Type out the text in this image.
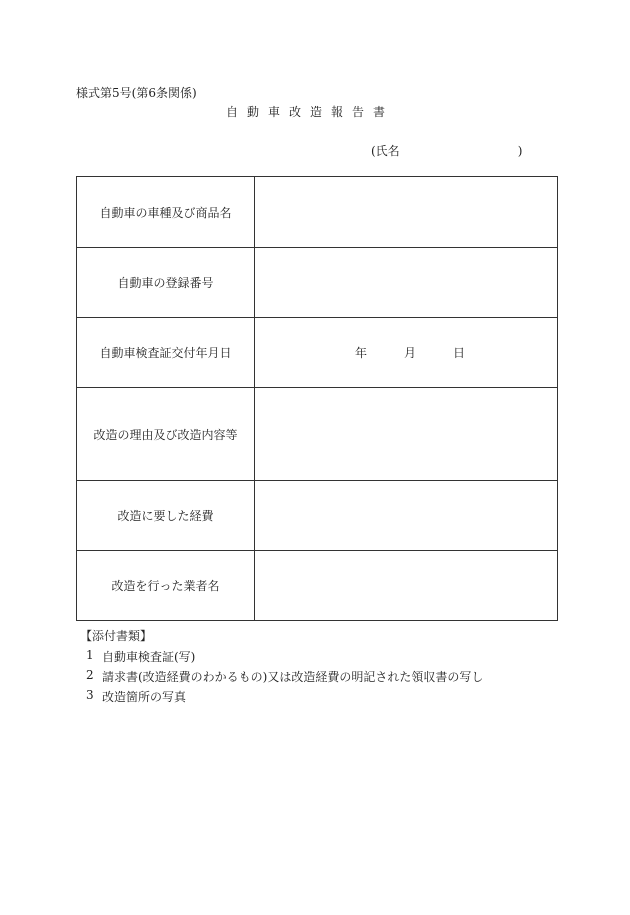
様式第5号(第6条関係)
自動車改造報告書
(氏名	)
自動車の車種及び商品名	
自動車の登録番号	
自動車検査証交付年月日	年 月 日

改造の理由及び改造内容等	
改造に要した経費	
改造を行った業者名	
【添付書類】
1 自動車検査証(写)
2 請求書(改造経費のわかるもの)又は改造経費の明記された領収書の写し
3 改造箇所の写真
